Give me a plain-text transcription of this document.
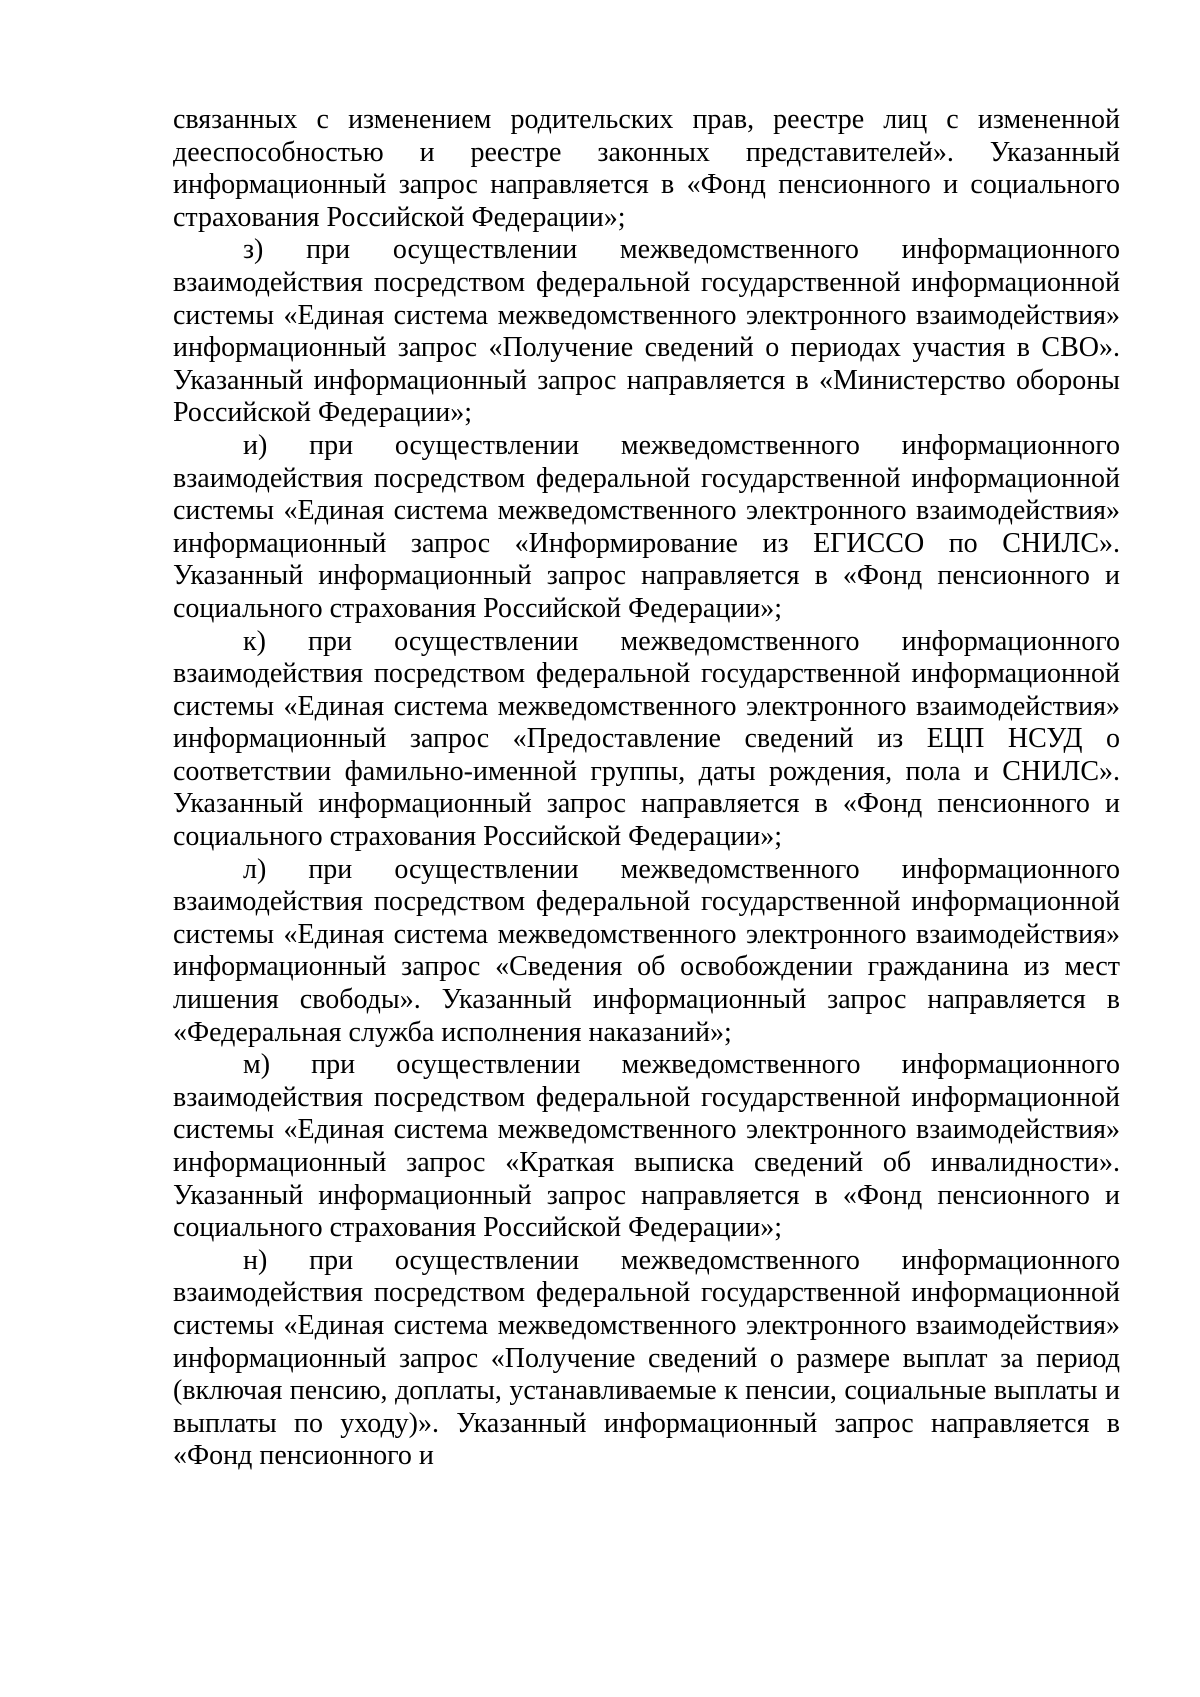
связанных с изменением родительских прав, реестре лиц с измененной дееспособностью и реестре законных представителей». Указанный информационный запрос направляется в «Фонд пенсионного и социального страхования Российской Федерации»;

з) при осуществлении межведомственного информационного взаимодействия посредством федеральной государственной информационной системы «Единая система межведомственного электронного взаимодействия» информационный запрос «Получение сведений о периодах участия в СВО». Указанный информационный запрос направляется в «Министерство обороны Российской Федерации»;

и) при осуществлении межведомственного информационного взаимодействия посредством федеральной государственной информационной системы «Единая система межведомственного электронного взаимодействия» информационный запрос «Информирование из ЕГИССО по СНИЛС». Указанный информационный запрос направляется в «Фонд пенсионного и социального страхования Российской Федерации»;

к) при осуществлении межведомственного информационного взаимодействия посредством федеральной государственной информационной системы «Единая система межведомственного электронного взаимодействия» информационный запрос «Предоставление сведений из ЕЦП НСУД о соответствии фамильно-именной группы, даты рождения, пола и СНИЛС». Указанный информационный запрос направляется в «Фонд пенсионного и социального страхования Российской Федерации»;

л) при осуществлении межведомственного информационного взаимодействия посредством федеральной государственной информационной системы «Единая система межведомственного электронного взаимодействия» информационный запрос «Сведения об освобождении гражданина из мест лишения свободы». Указанный информационный запрос направляется в «Федеральная служба исполнения наказаний»;

м) при осуществлении межведомственного информационного взаимодействия посредством федеральной государственной информационной системы «Единая система межведомственного электронного взаимодействия» информационный запрос «Краткая выписка сведений об инвалидности». Указанный информационный запрос направляется в «Фонд пенсионного и социального страхования Российской Федерации»;

н) при осуществлении межведомственного информационного взаимодействия посредством федеральной государственной информационной системы «Единая система межведомственного электронного взаимодействия» информационный запрос «Получение сведений о размере выплат за период (включая пенсию, доплаты, устанавливаемые к пенсии, социальные выплаты и выплаты по уходу)». Указанный информационный запрос направляется в «Фонд пенсионного и
